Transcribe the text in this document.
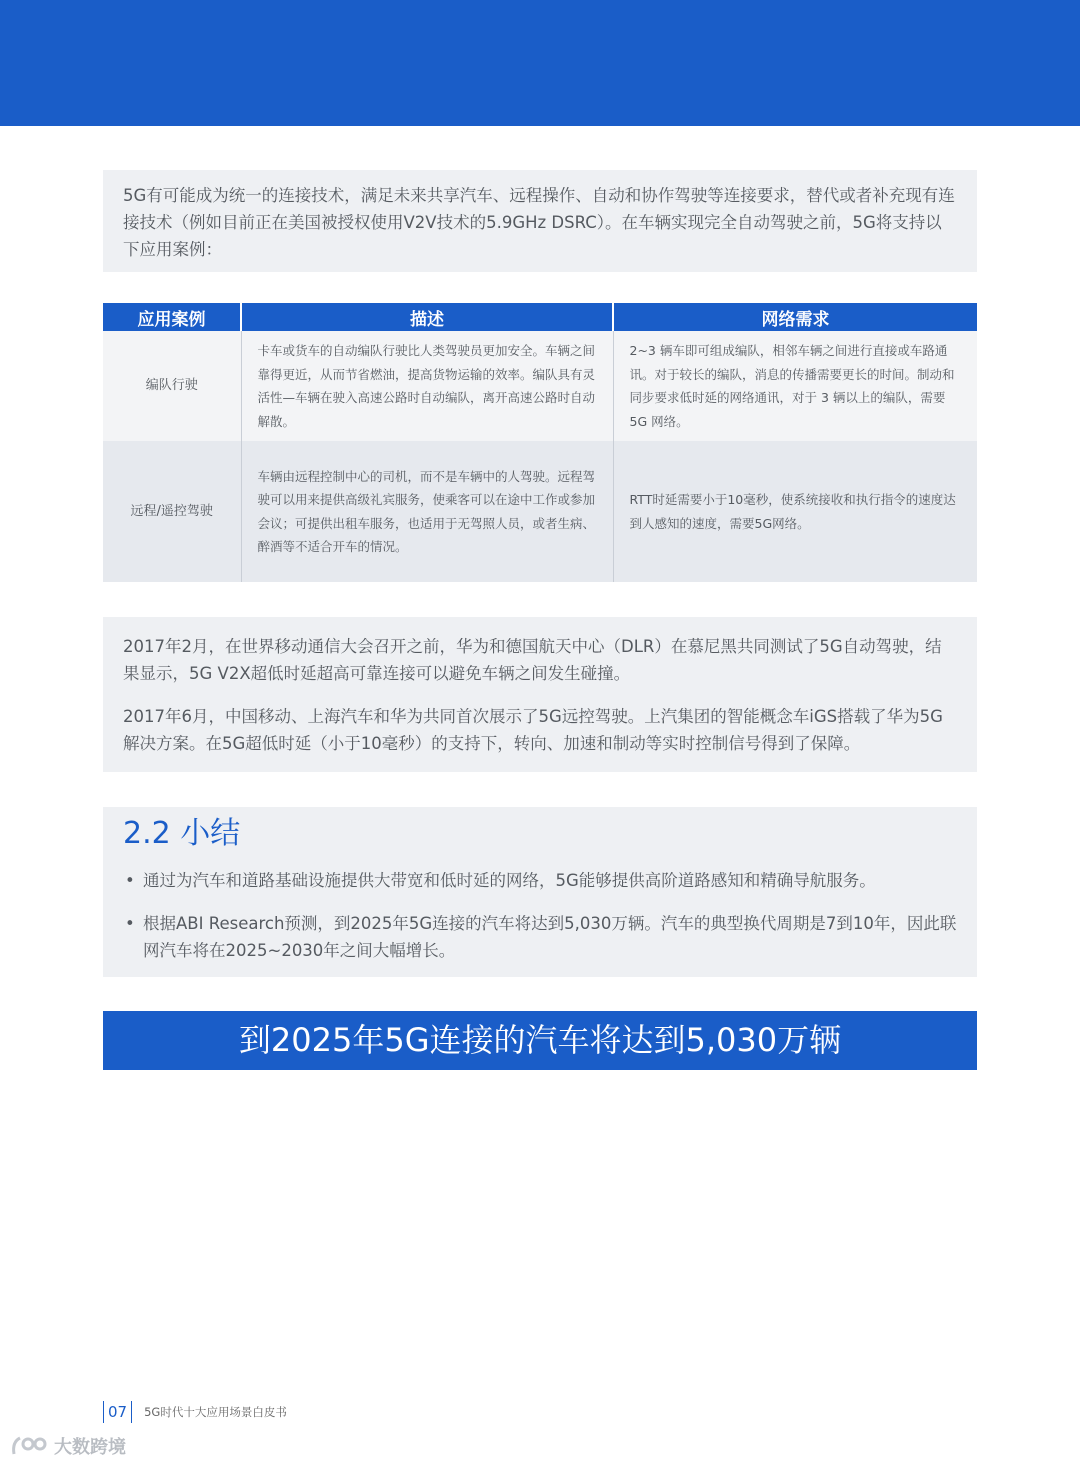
5G有可能成为统一的连接技术，满足未来共享汽车、远程操作、自动和协作驾驶等连接要求，替代或者补充现有连接技术（例如目前正在美国被授权使用V2V技术的5.9GHz DSRC）。在车辆实现完全自动驾驶之前，5G将支持以下应用案例：
应用案例	描述	网络需求
编队行驶	卡车或货车的自动编队行驶比人类驾驶员更加安全。车辆之间靠得更近，从而节省燃油，提高货物运输的效率。编队具有灵活性—车辆在驶入高速公路时自动编队，离开高速公路时自动解散。	2~3 辆车即可组成编队，相邻车辆之间进行直接或车路通讯。对于较长的编队，消息的传播需要更长的时间。制动和同步要求低时延的网络通讯，对于 3 辆以上的编队，需要 5G 网络。
远程/遥控驾驶	车辆由远程控制中心的司机，而不是车辆中的人驾驶。远程驾驶可以用来提供高级礼宾服务，使乘客可以在途中工作或参加会议；可提供出租车服务，也适用于无驾照人员，或者生病、醉酒等不适合开车的情况。	RTT时延需要小于10毫秒，使系统接收和执行指令的速度达到人感知的速度，需要5G网络。

2017年2月，在世界移动通信大会召开之前，华为和德国航天中心（DLR）在慕尼黑共同测试了5G自动驾驶，结果显示，5G V2X超低时延超高可靠连接可以避免车辆之间发生碰撞。

2017年6月，中国移动、上海汽车和华为共同首次展示了5G远控驾驶。上汽集团的智能概念车iGS搭载了华为5G解决方案。在5G超低时延（小于10毫秒）的支持下，转向、加速和制动等实时控制信号得到了保障。

2.2 小结
• 通过为汽车和道路基础设施提供大带宽和低时延的网络，5G能够提供高阶道路感知和精确导航服务。
• 根据ABI Research预测，到2025年5G连接的汽车将达到5,030万辆。汽车的典型换代周期是7到10年，因此联网汽车将在2025~2030年之间大幅增长。
到2025年5G连接的汽车将达到5,030万辆
07	5G时代十大应用场景白皮书
大数跨境
